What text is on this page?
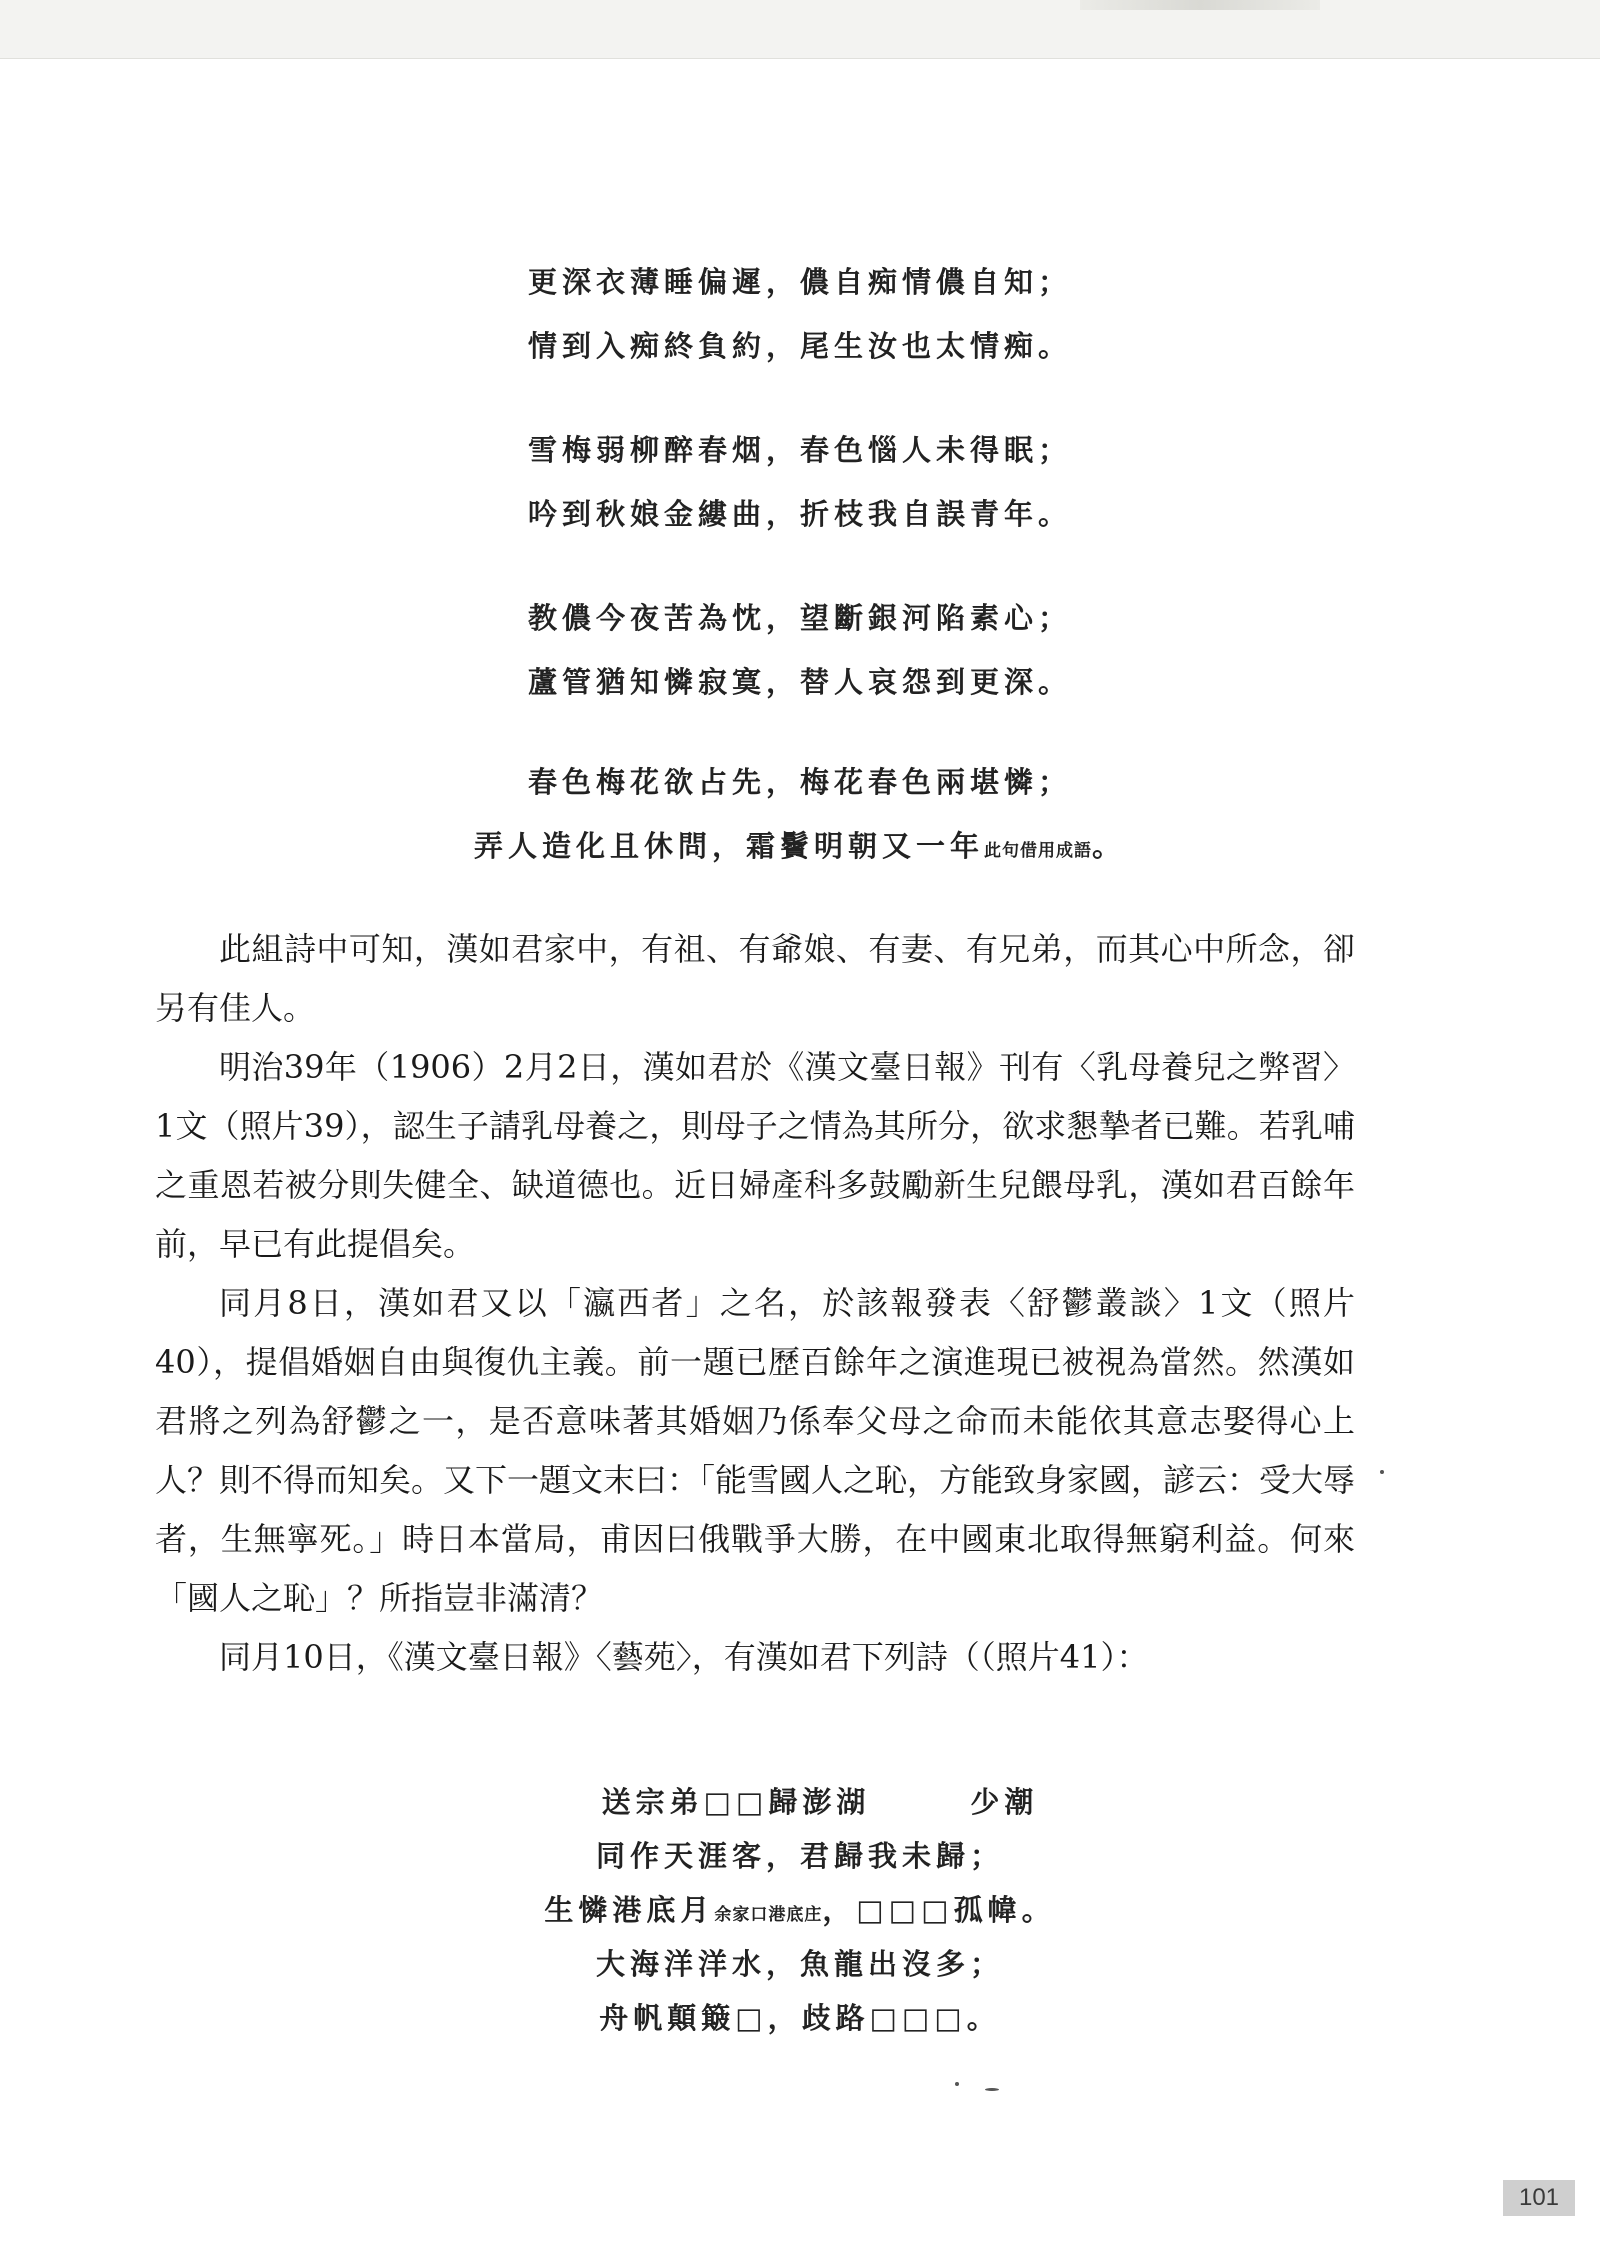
更深衣薄睡偏遲，儂自痴情儂自知；
情到入痴終負約，尾生汝也太情痴。
雪梅弱柳醉春烟，春色惱人未得眠；
吟到秋娘金縷曲，折枝我自誤青年。
教儂今夜苦為忱，望斷銀河陷素心；
蘆管猶知憐寂寞，替人哀怨到更深。
春色梅花欲占先，梅花春色兩堪憐；
弄人造化且休問，霜鬢明朝又一年此句借用成語。

此組詩中可知，漢如君家中，有祖、有爺娘、有妻、有兄弟，而其心中所念，卻另有佳人。

明治39年（1906）2月2日，漢如君於《漢文臺日報》刊有〈乳母養兒之弊習〉1文（照片39），認生子請乳母養之，則母子之情為其所分，欲求懇摯者已難。若乳哺之重恩若被分則失健全、缺道德也。近日婦產科多鼓勵新生兒餵母乳，漢如君百餘年前，早已有此提倡矣。

同月8日，漢如君又以「瀛西者」之名，於該報發表〈舒鬱叢談〉1文（照片40），提倡婚姻自由與復仇主義。前一題已歷百餘年之演進現已被視為當然。然漢如君將之列為舒鬱之一，是否意味著其婚姻乃係奉父母之命而未能依其意志娶得心上人？則不得而知矣。又下一題文末曰：「能雪國人之恥，方能致身家國，諺云：受大辱者，生無寧死。」時日本當局，甫因曰俄戰爭大勝，在中國東北取得無窮利益。何來「國人之恥」？所指豈非滿清？

同月10日，《漢文臺日報》〈藝苑〉，有漢如君下列詩（（照片41）：

送宗弟□□歸澎湖	少潮
同作天涯客，君歸我未歸；
生憐港底月余家口港底庄，□□□孤幃。
大海洋洋水，魚龍出沒多；
舟帆顛簸□，歧路□□□。
101
